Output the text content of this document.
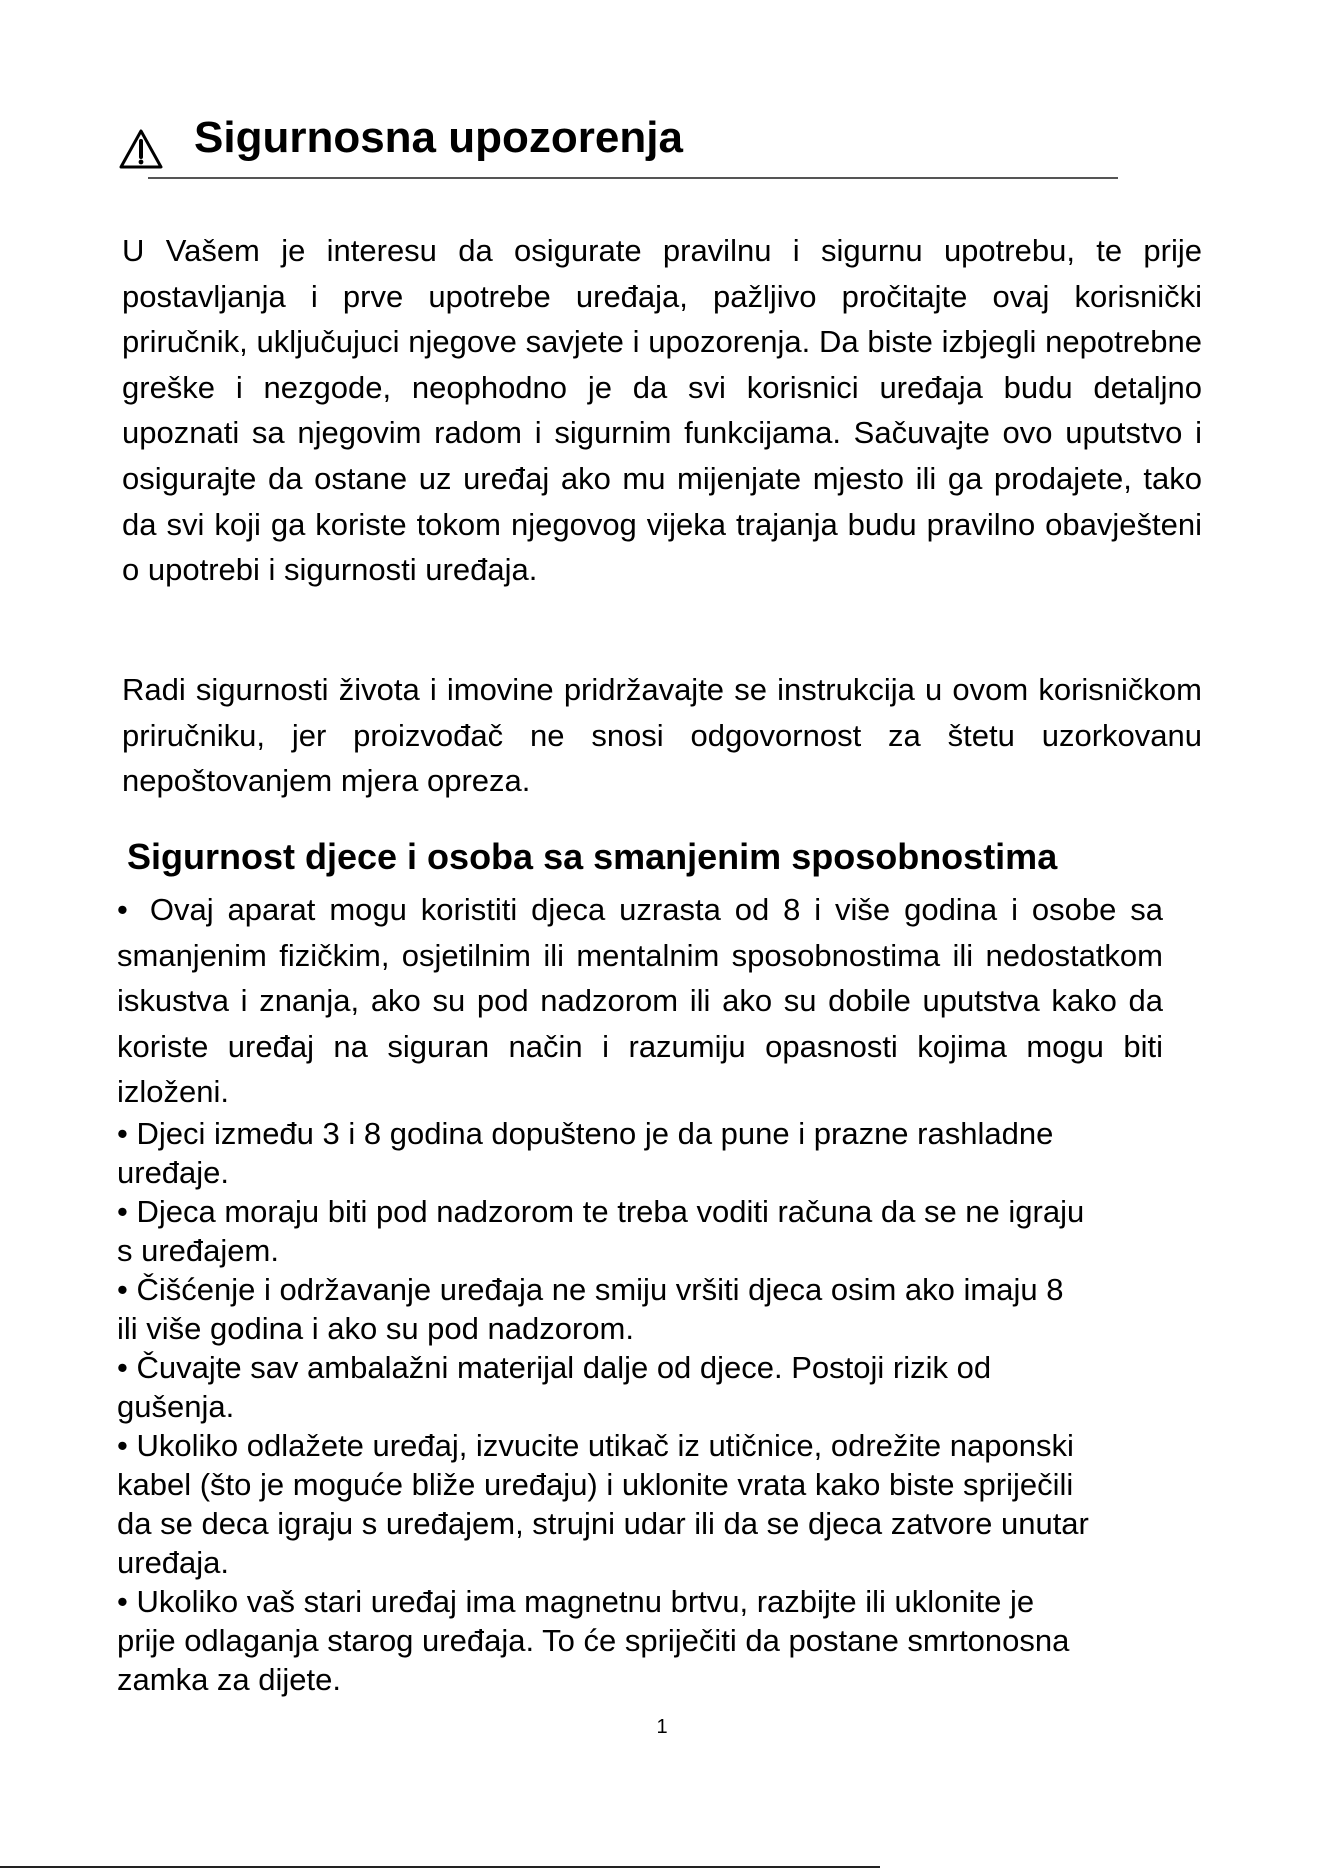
Sigurnosna upozorenja

U Vašem je interesu da osigurate pravilnu i sigurnu upotrebu, te prije postavljanja i prve upotrebe uređaja, pažljivo pročitajte ovaj korisnički priručnik, uključujuci njegove savjete i upozorenja. Da biste izbjegli nepotrebne greške i nezgode, neophodno je da svi korisnici uređaja budu detaljno upoznati sa njegovim radom i sigurnim funkcijama. Sačuvajte ovo uputstvo i osigurajte da ostane uz uređaj ako mu mijenjate mjesto ili ga prodajete, tako da svi koji ga koriste tokom njegovog vijeka trajanja budu pravilno obavješteni o upotrebi i sigurnosti uređaja.

Radi sigurnosti života i imovine pridržavajte se instrukcija u ovom korisničkom priručniku, jer proizvođač ne snosi odgovornost za štetu uzorkovanu nepoštovanjem mjera opreza.

Sigurnost djece i osoba sa smanjenim sposobnostima

• Ovaj aparat mogu koristiti djeca uzrasta od 8 i više godina i osobe sa smanjenim fizičkim, osjetilnim ili mentalnim sposobnostima ili nedostatkom iskustva i znanja, ako su pod nadzorom ili ako su dobile uputstva kako da koriste uređaj na siguran način i razumiju opasnosti kojima mogu biti izloženi.

• Djeci između 3 i 8 godina dopušteno je da pune i prazne rashladne
uređaje.

• Djeca moraju biti pod nadzorom te treba voditi računa da se ne igraju
s uređajem.

• Čišćenje i održavanje uređaja ne smiju vršiti djeca osim ako imaju 8
ili više godina i ako su pod nadzorom.

• Čuvajte sav ambalažni materijal dalje od djece. Postoji rizik od
gušenja.

• Ukoliko odlažete uređaj, izvucite utikač iz utičnice, odrežite naponski
kabel (što je moguće bliže uređaju) i uklonite vrata kako biste spriječili
da se deca igraju s uređajem, strujni udar ili da se djeca zatvore unutar
uređaja.

• Ukoliko vaš stari uređaj ima magnetnu brtvu, razbijte ili uklonite je
prije odlaganja starog uređaja. To će spriječiti da postane smrtonosna
zamka za dijete.

1
